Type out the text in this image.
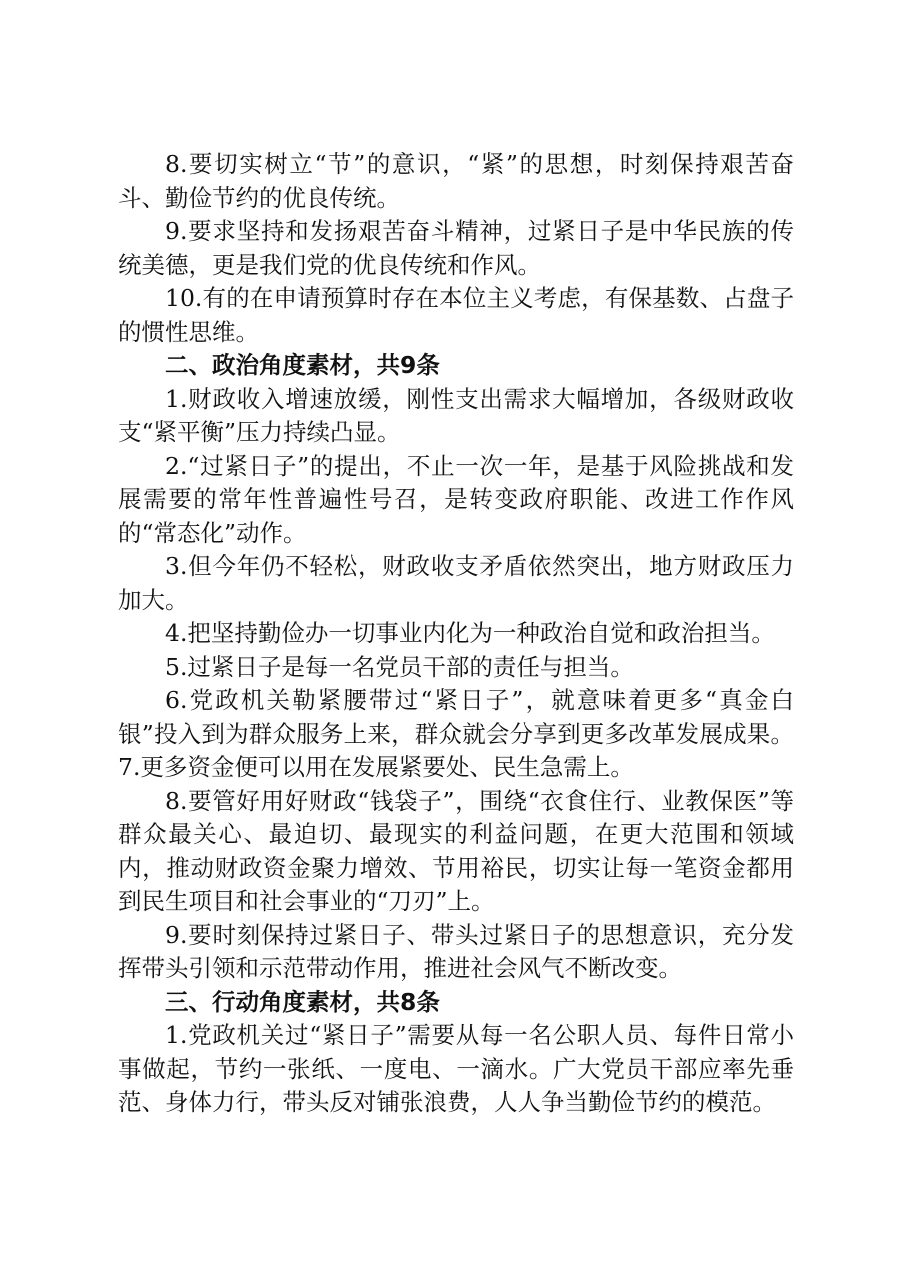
8.要切实树立“节”的意识，“紧”的思想，时刻保持艰苦奋斗、勤俭节约的优良传统。

9.要求坚持和发扬艰苦奋斗精神，过紧日子是中华民族的传统美德，更是我们党的优良传统和作风。

10.有的在申请预算时存在本位主义考虑，有保基数、占盘子的惯性思维。

二、政治角度素材，共9条

1.财政收入增速放缓，刚性支出需求大幅增加，各级财政收支“紧平衡”压力持续凸显。

2.“过紧日子”的提出，不止一次一年，是基于风险挑战和发展需要的常年性普遍性号召，是转变政府职能、改进工作作风的“常态化”动作。

3.但今年仍不轻松，财政收支矛盾依然突出，地方财政压力加大。

4.把坚持勤俭办一切事业内化为一种政治自觉和政治担当。

5.过紧日子是每一名党员干部的责任与担当。

6.党政机关勒紧腰带过“紧日子”，就意味着更多“真金白银”投入到为群众服务上来，群众就会分享到更多改革发展成果。7.更多资金便可以用在发展紧要处、民生急需上。

8.要管好用好财政“钱袋子”，围绕“衣食住行、业教保医”等群众最关心、最迫切、最现实的利益问题，在更大范围和领域内，推动财政资金聚力增效、节用裕民，切实让每一笔资金都用到民生项目和社会事业的“刀刃”上。

9.要时刻保持过紧日子、带头过紧日子的思想意识，充分发挥带头引领和示范带动作用，推进社会风气不断改变。

三、行动角度素材，共8条

1.党政机关过“紧日子”需要从每一名公职人员、每件日常小事做起，节约一张纸、一度电、一滴水。广大党员干部应率先垂范、身体力行，带头反对铺张浪费，人人争当勤俭节约的模范。
